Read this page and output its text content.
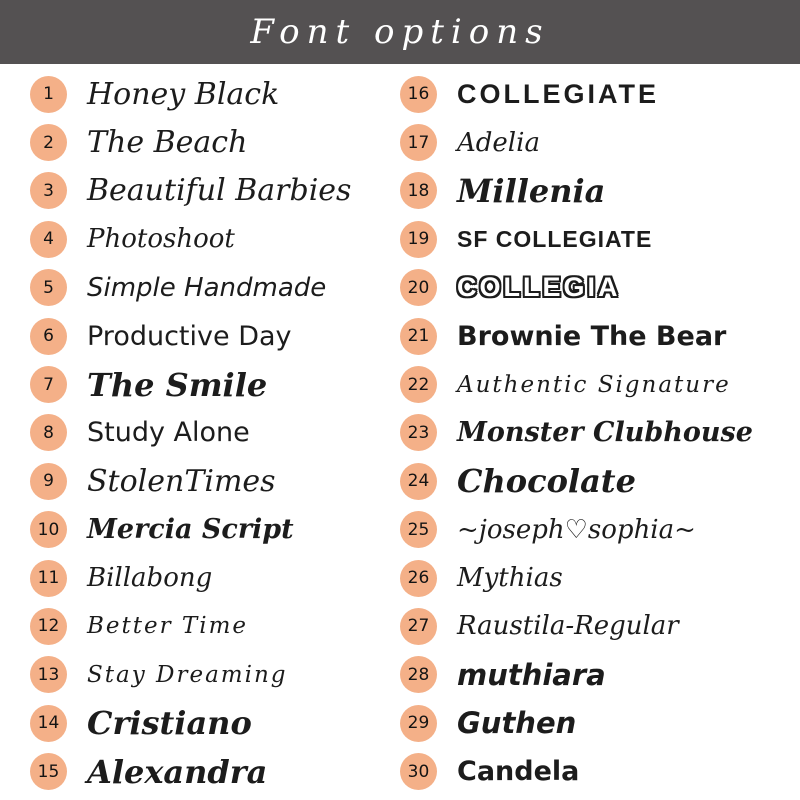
Font options
1	Honey Black
2	The Beach
3	Beautiful Barbies
4	Photoshoot
5	Simple Handmade
6	Productive Day
7	The Smile
8	Study Alone
9	StolenTimes
10 Mercia Script
11 Billabong
12	Better Time
13	Stay Dreaming
14 Cristiano
15 Alexandra
16 COLLEGIATE
17 Adelia
18 Millenia
19	SF COLLEGIATE
20 COLLEGIA
21 Brownie The Bear
22	Authentic Signature
23 Monster Clubhouse
24 Chocolate
25 ~joseph♡sophia~
26 Mythias
27 Raustila-Regular
28 muthiara
29 Guthen
30 Candela
